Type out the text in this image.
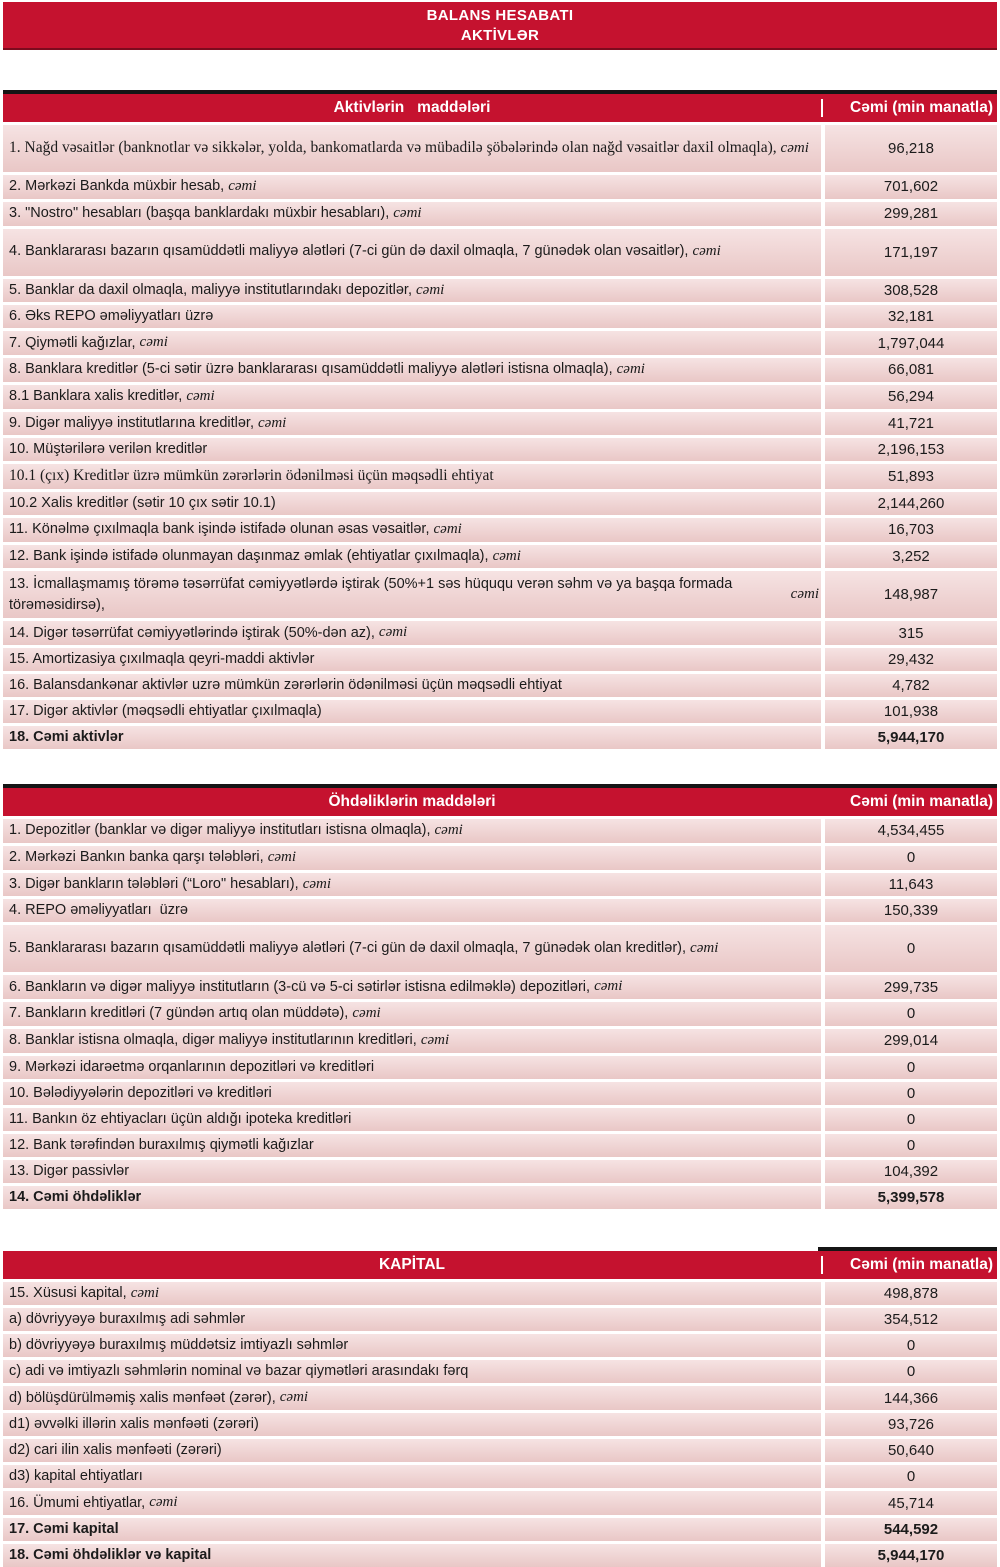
BALANS HESABATI
AKTİVLƏR
Aktivlərin   maddələri	Cəmi (min manatla)
1. Nağd vəsaitlər (banknotlar və sikkələr, yolda, bankomatlarda və mübadilə şöbələrində olan nağd vəsaitlər daxil olmaqla), cəmi	96,218
2. Mərkəzi Bankda müxbir hesab, cəmi	701,602
3. "Nostro" hesabları (başqa banklardakı müxbir hesabları), cəmi	299,281
4. Banklararası bazarın qısamüddətli maliyyə alətləri (7-ci gün də daxil olmaqla, 7 günədək olan vəsaitlər), cəmi	171,197
5. Banklar da daxil olmaqla, maliyyə institutlarındakı depozitlər, cəmi	308,528
6. Əks REPO əməliyyatları üzrə	32,181
7. Qiymətli kağızlar, cəmi	1,797,044
8. Banklara kreditlər (5-ci sətir üzrə banklararası qısamüddətli maliyyə alətləri istisna olmaqla), cəmi	66,081
8.1 Banklara xalis kreditlər, cəmi	56,294
9. Digər maliyyə institutlarına kreditlər, cəmi	41,721
10. Müştərilərə verilən kreditlər	2,196,153
10.1 (çıx) Kreditlər üzrə mümkün zərərlərin ödənilməsi üçün məqsədli ehtiyat	51,893
10.2 Xalis kreditlər (sətir 10 çıx sətir 10.1)	2,144,260
11. Könəlmə çıxılmaqla bank işində istifadə olunan əsas vəsaitlər, cəmi	16,703
12. Bank işində istifadə olunmayan daşınmaz əmlak (ehtiyatlar çıxılmaqla), cəmi	3,252
13. İcmallaşmamış törəmə təsərrüfat cəmiyyətlərdə iştirak (50%+1 səs hüququ verən səhm və ya başqa formada törəməsidirsə),
cəmi	148,987
14. Digər təsərrüfat cəmiyyətlərində iştirak (50%-dən az), cəmi	315
15. Amortizasiya çıxılmaqla qeyri-maddi aktivlər	29,432
16. Balansdankənar aktivlər uzrə mümkün zərərlərin ödənilməsi üçün məqsədli ehtiyat	4,782
17. Digər aktivlər (məqsədli ehtiyatlar çıxılmaqla)	101,938
18. Cəmi aktivlər	5,944,170
Öhdəliklərin maddələri	Cəmi (min manatla)
1. Depozitlər (banklar və digər maliyyə institutları istisna olmaqla), cəmi	4,534,455
2. Mərkəzi Bankın banka qarşı tələbləri, cəmi	0
3. Digər bankların tələbləri (“Loro" hesabları), cəmi	11,643
4. REPO əməliyyatları  üzrə	150,339
5. Banklararası bazarın qısamüddətli maliyyə alətləri (7-ci gün də daxil olmaqla, 7 günədək olan kreditlər), cəmi	0
6. Bankların və digər maliyyə institutların (3-cü və 5-ci sətirlər istisna edilməklə) depozitləri, cəmi	299,735
7. Bankların kreditləri (7 gündən artıq olan müddətə), cəmi	0
8. Banklar istisna olmaqla, digər maliyyə institutlarının kreditləri, cəmi	299,014
9. Mərkəzi idarəetmə orqanlarının depozitləri və kreditləri	0
10. Bələdiyyələrin depozitləri və kreditləri	0
11. Bankın öz ehtiyacları üçün aldığı ipoteka kreditləri	0
12. Bank tərəfindən buraxılmış qiymətli kağızlar	0
13. Digər passivlər	104,392
14. Cəmi öhdəliklər	5,399,578
KAPİTAL	Cəmi (min manatla)
15. Xüsusi kapital, cəmi	498,878
a) dövriyyəyə buraxılmış adi səhmlər	354,512
b) dövriyyəyə buraxılmış müddətsiz imtiyazlı səhmlər	0
c) adi və imtiyazlı səhmlərin nominal və bazar qiymətləri arasındakı fərq	0
d) bölüşdürülməmiş xalis mənfəət (zərər), cəmi	144,366
d1) əvvəlki illərin xalis mənfəəti (zərəri)	93,726
d2) cari ilin xalis mənfəəti (zərəri)	50,640
d3) kapital ehtiyatları	0
16. Ümumi ehtiyatlar, cəmi	45,714
17. Cəmi kapital	544,592
18. Cəmi öhdəliklər və kapital	5,944,170
